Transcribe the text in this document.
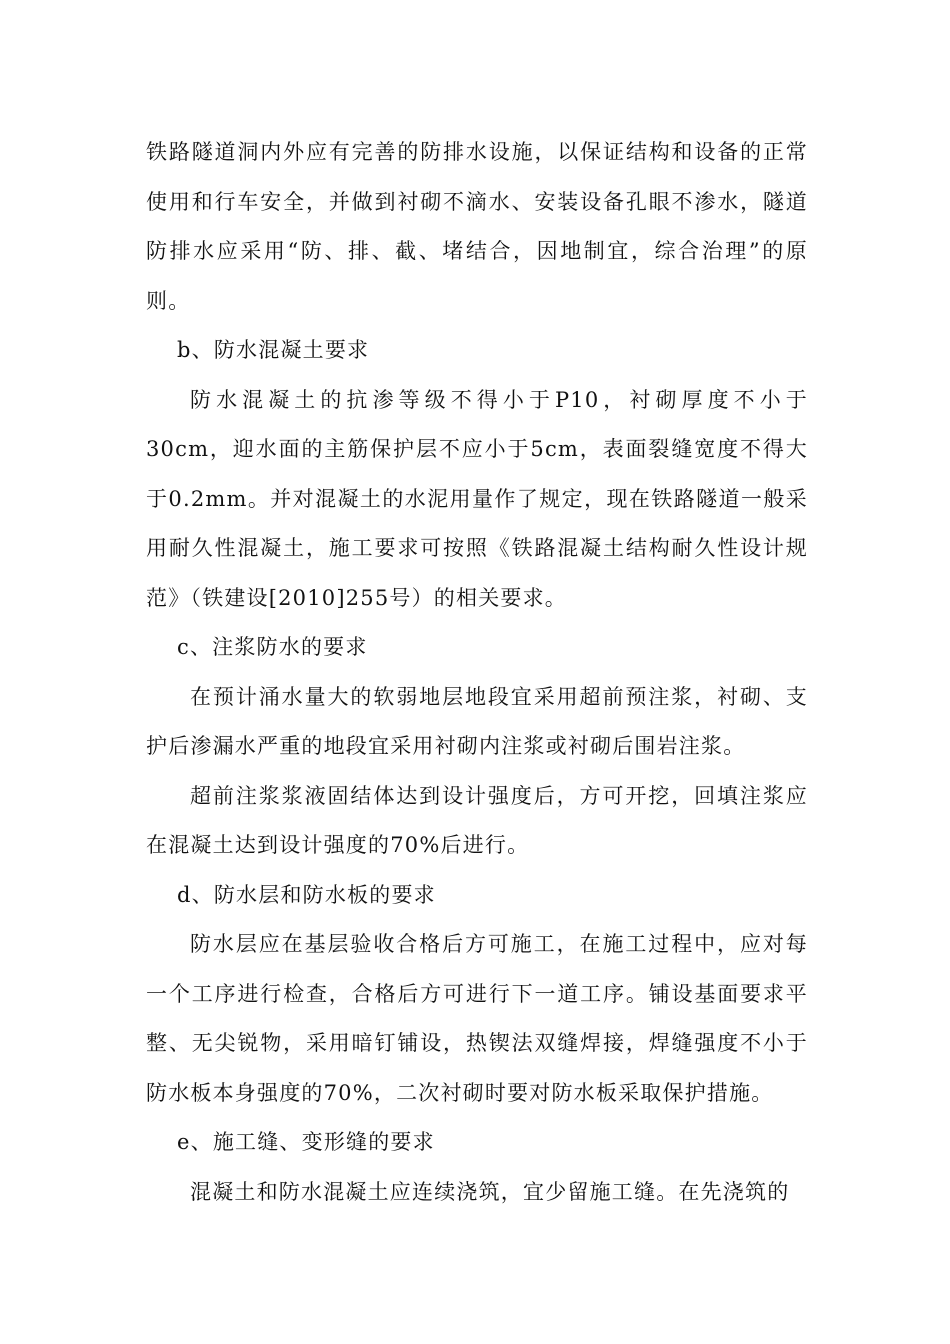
铁路隧道洞内外应有完善的防排水设施，以保证结构和设备的正常使用和行车安全，并做到衬砌不滴水、安装设备孔眼不渗水，隧道防排水应采用“防、排、截、堵结合，因地制宜，综合治理”的原则。

b、防水混凝土要求

防水混凝土的抗渗等级不得小于P10，衬砌厚度不小于30cm，迎水面的主筋保护层不应小于5cm，表面裂缝宽度不得大于0.2mm。并对混凝土的水泥用量作了规定，现在铁路隧道一般采用耐久性混凝土，施工要求可按照《铁路混凝土结构耐久性设计规范》（铁建设[2010]255号）的相关要求。

c、注浆防水的要求

在预计涌水量大的软弱地层地段宜采用超前预注浆，衬砌、支护后渗漏水严重的地段宜采用衬砌内注浆或衬砌后围岩注浆。

超前注浆浆液固结体达到设计强度后，方可开挖，回填注浆应在混凝土达到设计强度的70%后进行。

d、防水层和防水板的要求

防水层应在基层验收合格后方可施工，在施工过程中，应对每一个工序进行检查，合格后方可进行下一道工序。铺设基面要求平整、无尖锐物，采用暗钉铺设，热锲法双缝焊接，焊缝强度不小于防水板本身强度的70%，二次衬砌时要对防水板采取保护措施。

e、施工缝、变形缝的要求

混凝土和防水混凝土应连续浇筑，宜少留施工缝。在先浇筑的
